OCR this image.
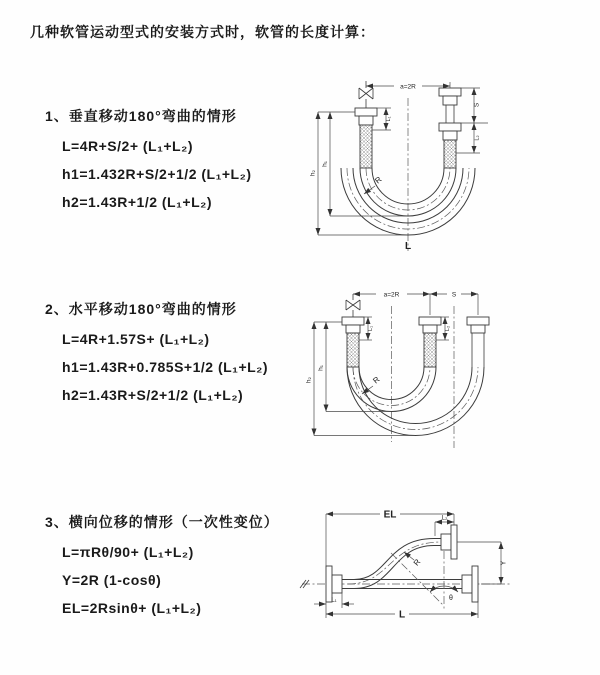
几种软管运动型式的安装方式时，软管的长度计算：

1、垂直移动180°弯曲的情形

L=4R+S/2+ (L₁+L₂)

h1=1.432R+S/2+1/2 (L₁+L₂)

h2=1.43R+1/2 (L₁+L₂)

2、水平移动180°弯曲的情形

L=4R+1.57S+ (L₁+L₂)

h1=1.43R+0.785S+1/2 (L₁+L₂)

h2=1.43R+S/2+1/2 (L₁+L₂)

3、横向位移的情形（一次性变位）

L=πRθ/90+ (L₁+L₂)

Y=2R (1-cosθ)

EL=2Rsinθ+ (L₁+L₂)

a=2R
h₁
h₂
L₁
S
L₂
R
L
a=2R	S
h₁
h₂
L₁	L₂
R
EL	L₂
Y
L
L₁
R
θ
